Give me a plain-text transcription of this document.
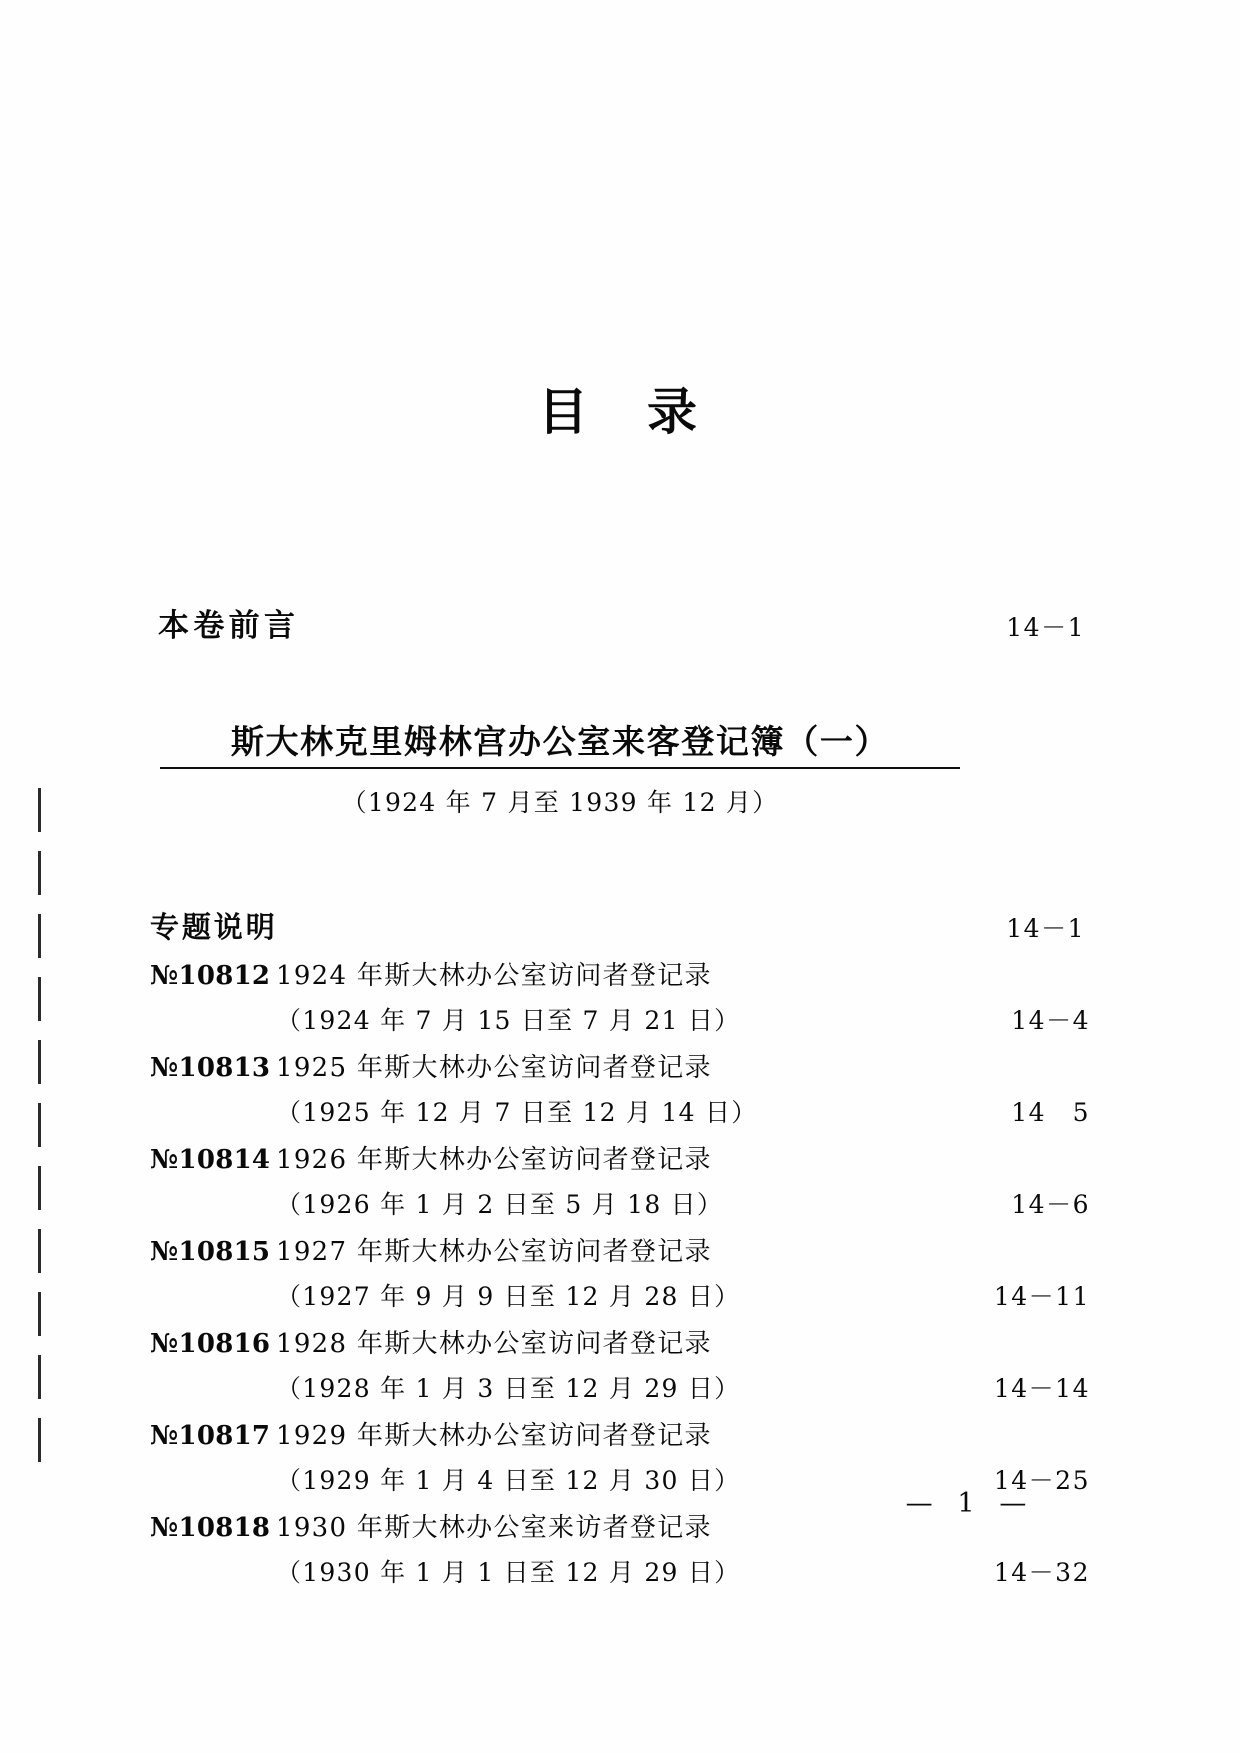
目 录
本卷前言 ·····	14－1
斯大林克里姆林宫办公室来客登记簿（一）
（1924 年 7 月至 1939 年 12 月）
专题说明 ·····	14－1
№10812 1924 年斯大林办公室访问者登记录
（1924 年 7 月 15 日至 7 月 21 日） ·····	14－4
№10813 1925 年斯大林办公室访问者登记录
（1925 年 12 月 7 日至 12 月 14 日） ·····	14　5
№10814 1926 年斯大林办公室访问者登记录
（1926 年 1 月 2 日至 5 月 18 日） ·····	14－6
№10815 1927 年斯大林办公室访问者登记录
（1927 年 9 月 9 日至 12 月 28 日） ·····	14－11
№10816 1928 年斯大林办公室访问者登记录
（1928 年 1 月 3 日至 12 月 29 日） ·····	14－14
№10817 1929 年斯大林办公室访问者登记录
（1929 年 1 月 4 日至 12 月 30 日） ·····	14－25
№10818 1930 年斯大林办公室来访者登记录
（1930 年 1 月 1 日至 12 月 29 日） ·····	14－32
— 1 —
